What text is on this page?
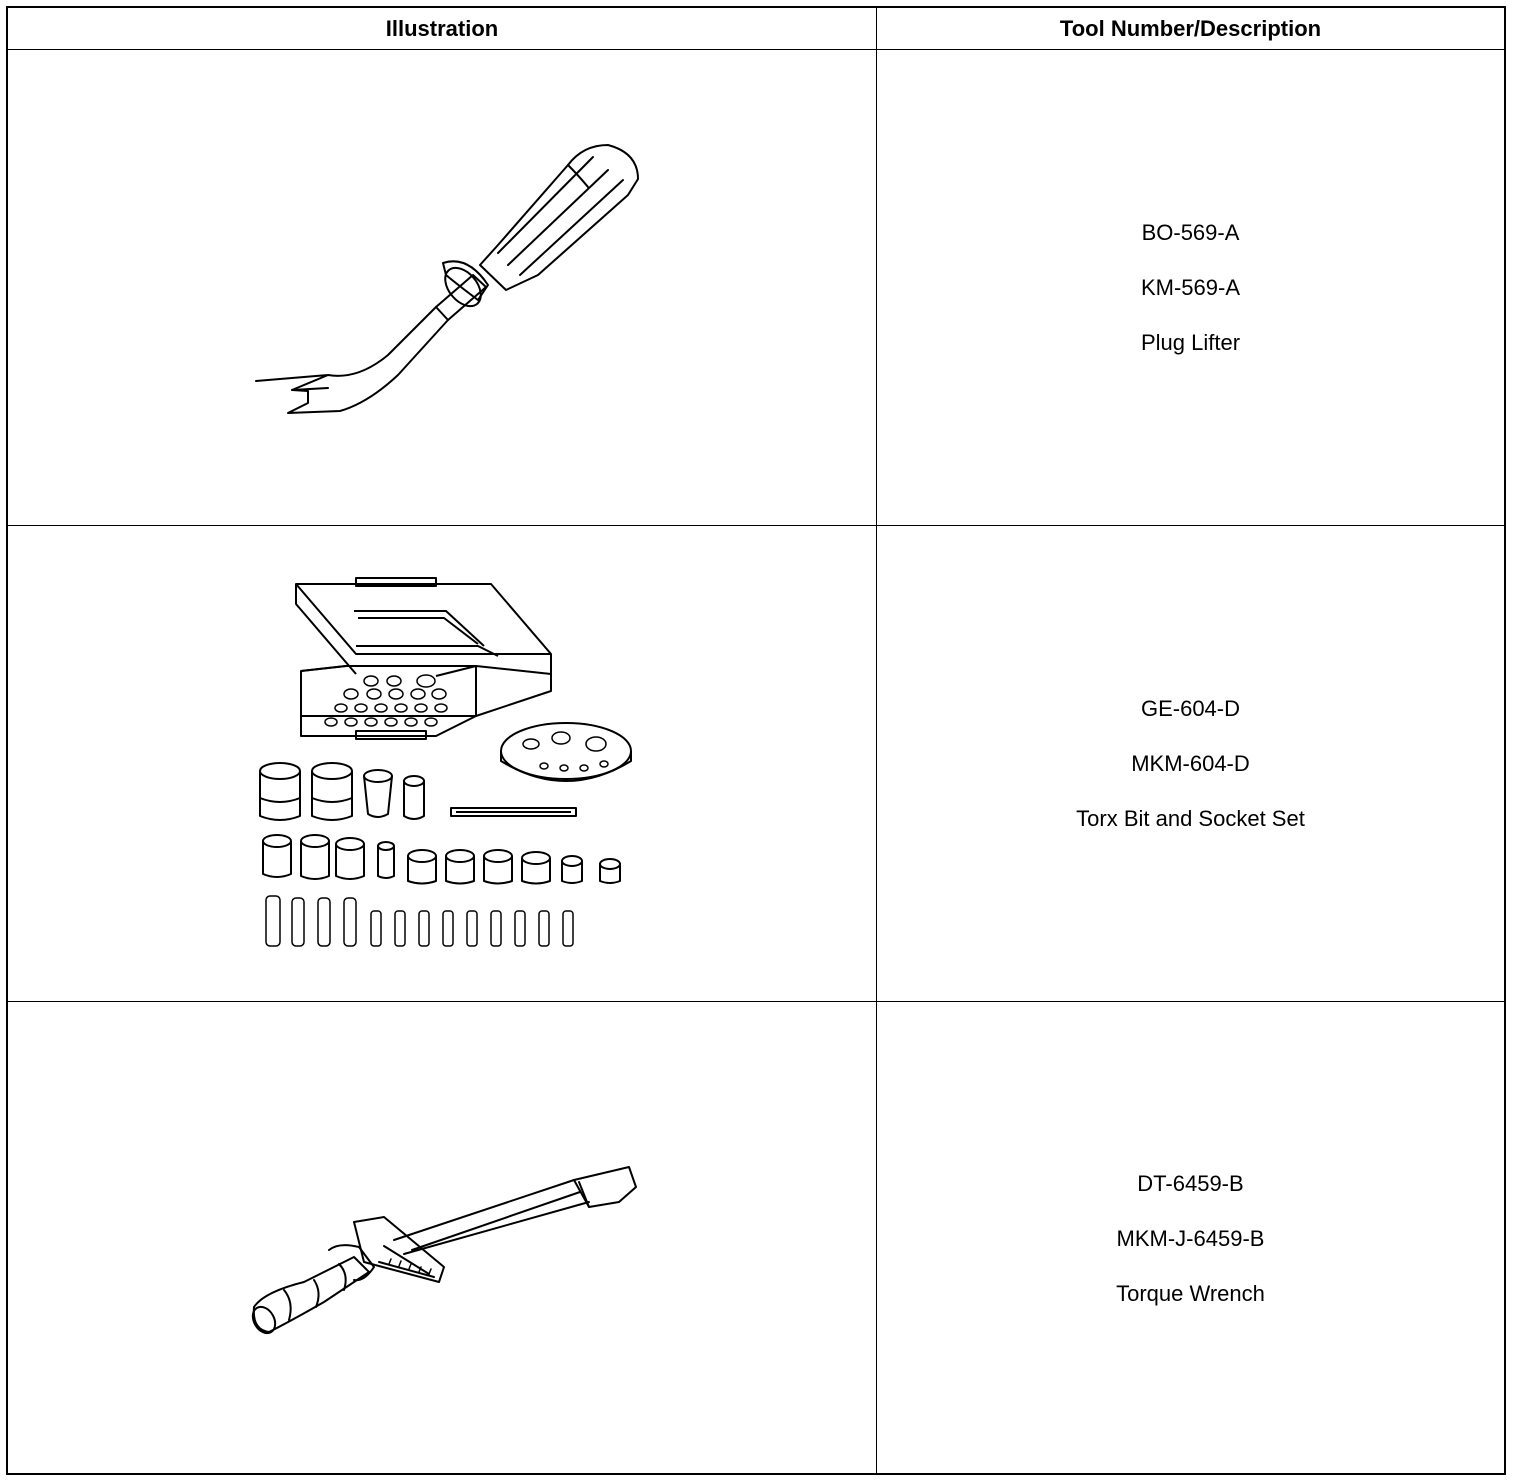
Illustration	Tool Number/Description
BO-569-A
KM-569-A
Plug Lifter
GE-604-D
MKM-604-D
Torx Bit and Socket Set
DT-6459-B
MKM-J-6459-B
Torque Wrench
